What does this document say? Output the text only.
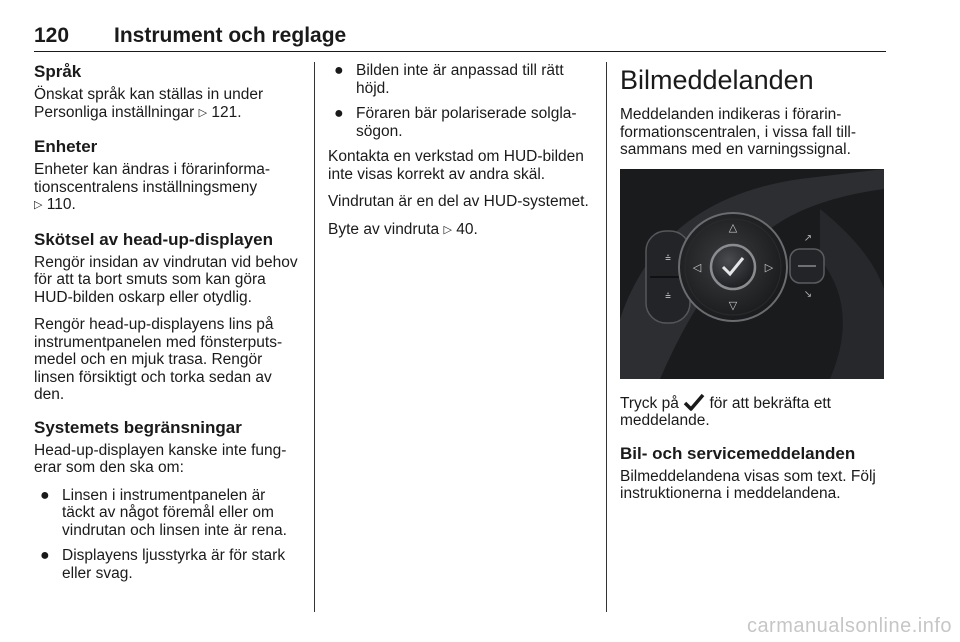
120 Instrument och reglage
Språk

Önskat språk kan ställas in under Personliga inställningar ▷ 121.

Enheter

Enheter kan ändras i förarinformationscentralens inställningsmeny
▷ 110.

Skötsel av head-up-displayen

Rengör insidan av vindrutan vid behov för att ta bort smuts som kan göra HUD-bilden oskarp eller otydlig.

Rengör head-up-displayens lins på instrumentpanelen med fönsterputsmedel och en mjuk trasa. Rengör linsen försiktigt och torka sedan av den.

Systemets begränsningar

Head-up-displayen kanske inte fungerar som den ska om:

● Linsen i instrumentpanelen är täckt av något föremål eller om vindrutan och linsen inte är rena.
● Displayens ljusstyrka är för stark eller svag.
● Bilden inte är anpassad till rätt höjd.
● Föraren bär polariserade solglasögon.

Kontakta en verkstad om HUD-bilden inte visas korrekt av andra skäl.

Vindrutan är en del av HUD-systemet.

Byte av vindruta ▷ 40.

Bilmeddelanden

Meddelanden indikeras i förarinformationscentralen, i vissa fall tillsammans med en varningssignal.

⩮
⩮
△
▽
◁	▷
↗
↘

Tryck på för att bekräfta ett meddelande.

Bil- och servicemeddelanden

Bilmeddelandena visas som text. Följ instruktionerna i meddelandena.

carmanualsonline.info
